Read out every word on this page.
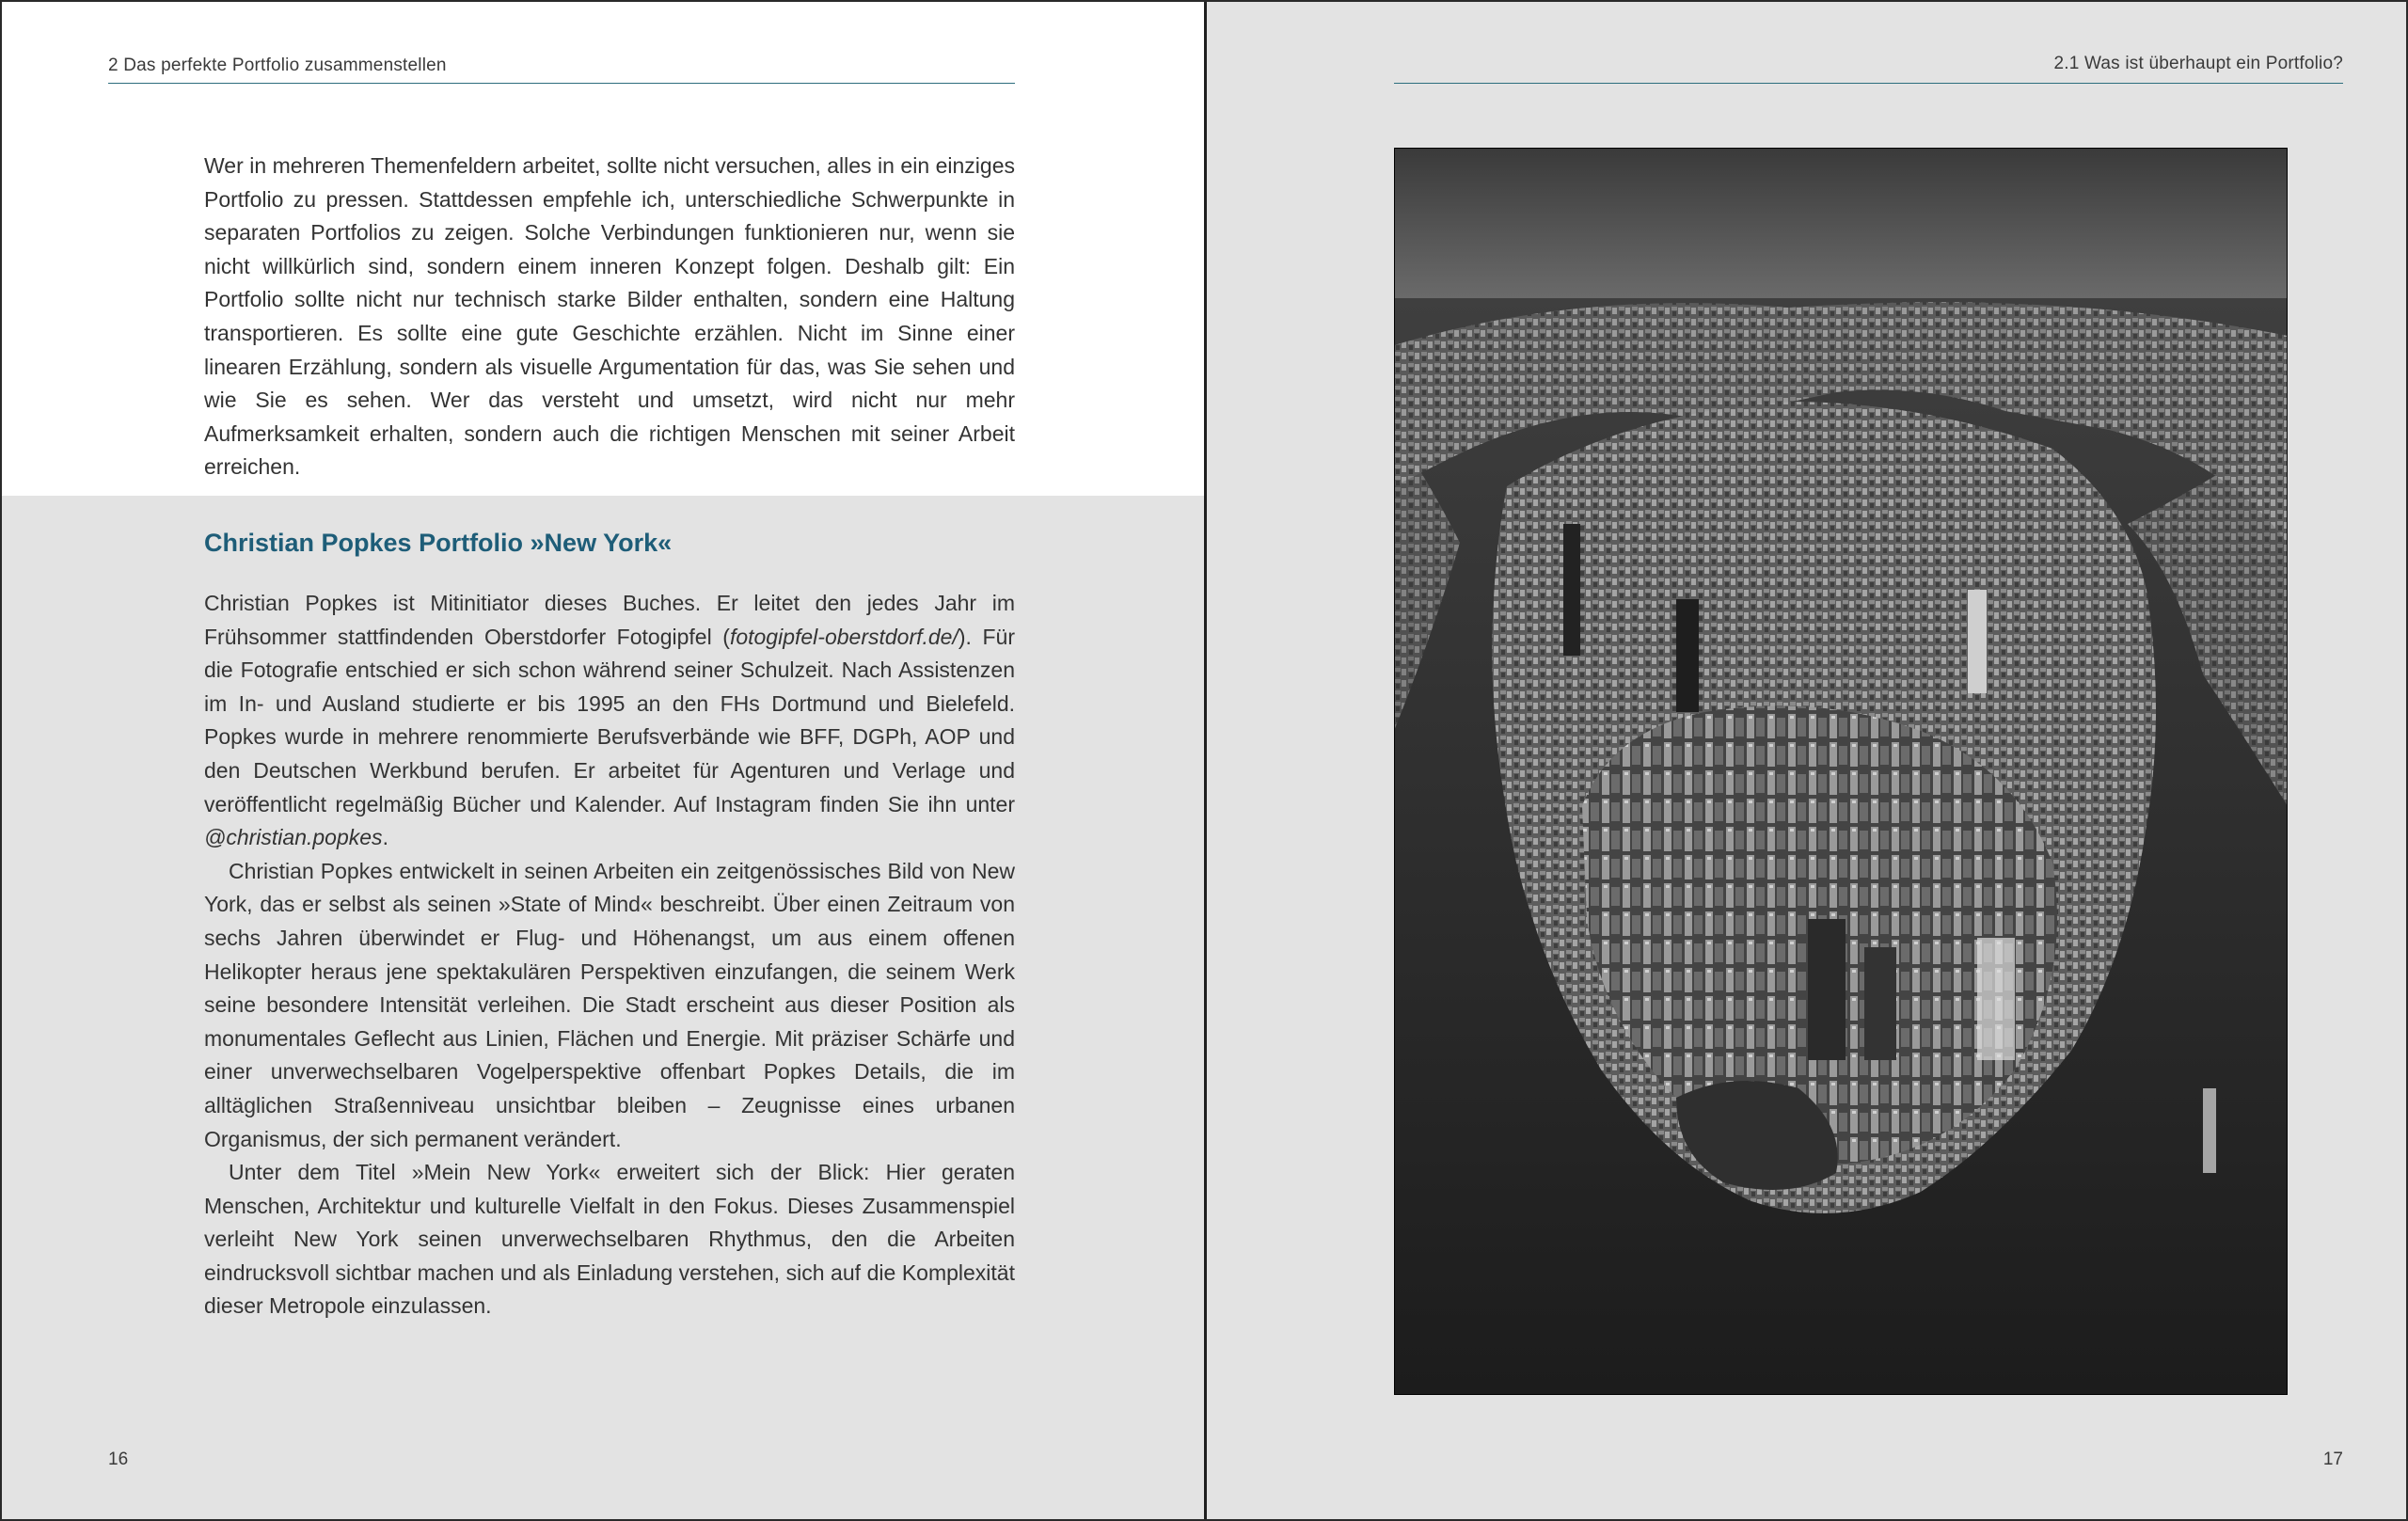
2 Das perfekte Portfolio zusammenstellen

Wer in mehreren Themenfeldern arbeitet, sollte nicht versuchen, alles in ein einziges Portfolio zu pressen. Stattdessen empfehle ich, unterschiedliche Schwerpunkte in separaten Portfolios zu zeigen. Solche Verbindungen funktionieren nur, wenn sie nicht willkürlich sind, sondern einem inneren Konzept folgen. Deshalb gilt: Ein Portfolio sollte nicht nur technisch starke Bilder enthalten, sondern eine Haltung transportieren. Es sollte eine gute Geschichte erzählen. Nicht im Sinne einer linearen Erzählung, sondern als visuelle Argumentation für das, was Sie sehen und wie Sie es sehen. Wer das versteht und umsetzt, wird nicht nur mehr Aufmerksamkeit erhalten, sondern auch die richtigen Menschen mit seiner Arbeit erreichen.

Christian Popkes Portfolio »New York«

Christian Popkes ist Mitinitiator dieses Buches. Er leitet den jedes Jahr im Frühsommer stattfindenden Oberstdorfer Fotogipfel (fotogipfel-oberstdorf.de/). Für die Fotografie entschied er sich schon während seiner Schulzeit. Nach Assistenzen im In- und Ausland studierte er bis 1995 an den FHs Dortmund und Bielefeld. Popkes wurde in mehrere renommierte Berufsverbände wie BFF, DGPh, AOP und den Deutschen Werkbund berufen. Er arbeitet für Agenturen und Verlage und veröffentlicht regelmäßig Bücher und Kalender. Auf Instagram finden Sie ihn unter @christian.popkes.

Christian Popkes entwickelt in seinen Arbeiten ein zeitgenössisches Bild von New York, das er selbst als seinen »State of Mind« beschreibt. Über einen Zeitraum von sechs Jahren überwindet er Flug- und Höhenangst, um aus einem offenen Helikopter heraus jene spektakulären Perspektiven einzufangen, die seinem Werk seine besondere Intensität verleihen. Die Stadt erscheint aus dieser Position als monumentales Geflecht aus Linien, Flächen und Energie. Mit präziser Schärfe und einer unverwechselbaren Vogelperspektive offenbart Popkes Details, die im alltäglichen Straßenniveau unsichtbar bleiben – Zeugnisse eines urbanen Organismus, der sich permanent verändert.

Unter dem Titel »Mein New York« erweitert sich der Blick: Hier geraten Menschen, Architektur und kulturelle Vielfalt in den Fokus. Dieses Zusammenspiel verleiht New York seinen unverwechselbaren Rhythmus, den die Arbeiten eindrucksvoll sichtbar machen und als Einladung verstehen, sich auf die Komplexität dieser Metropole einzulassen.

16
2.1 Was ist überhaupt ein Portfolio?
17
